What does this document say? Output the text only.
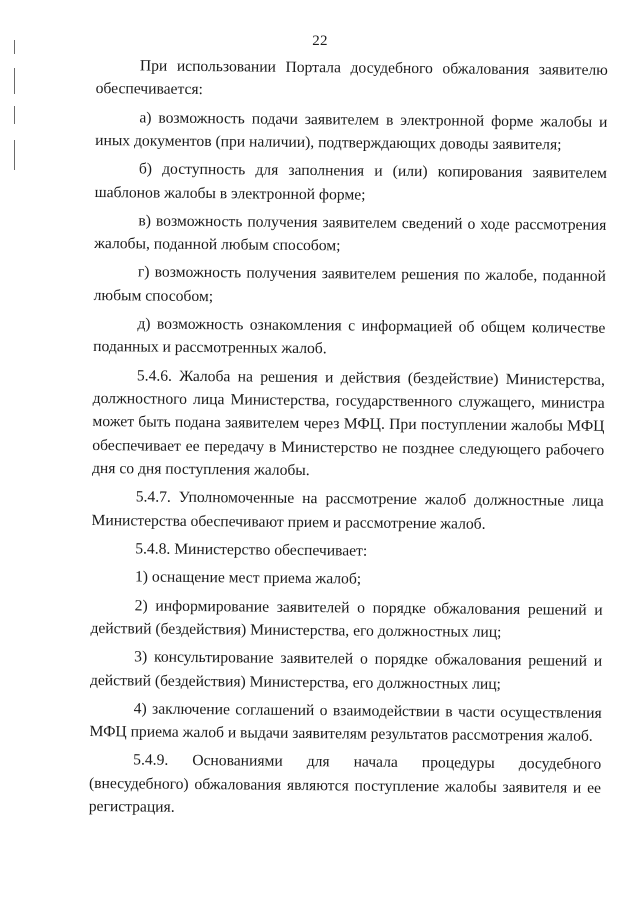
22

При использовании Портала досудебного обжалования заявителю обеспечивается:

а) возможность подачи заявителем в электронной форме жалобы и иных документов (при наличии), подтверждающих доводы заявителя;

б) доступность для заполнения и (или) копирования заявителем шаблонов жалобы в электронной форме;

в) возможность получения заявителем сведений о ходе рассмотрения жалобы, поданной любым способом;

г) возможность получения заявителем решения по жалобе, поданной любым способом;

д) возможность ознакомления с информацией об общем количестве поданных и рассмотренных жалоб.

5.4.6. Жалоба на решения и действия (бездействие) Министерства, должностного лица Министерства, государственного служащего, министра может быть подана заявителем через МФЦ. При поступлении жалобы МФЦ обеспечивает ее передачу в Министерство не позднее следующего рабочего дня со дня поступления жалобы.

5.4.7. Уполномоченные на рассмотрение жалоб должностные лица Министерства обеспечивают прием и рассмотрение жалоб.

5.4.8. Министерство обеспечивает:

1) оснащение мест приема жалоб;

2) информирование заявителей о порядке обжалования решений и действий (бездействия) Министерства, его должностных лиц;

3) консультирование заявителей о порядке обжалования решений и действий (бездействия) Министерства, его должностных лиц;

4) заключение соглашений о взаимодействии в части осуществления МФЦ приема жалоб и выдачи заявителям результатов рассмотрения жалоб.

5.4.9. Основаниями для начала процедуры досудебного (внесудебного) обжалования являются поступление жалобы заявителя и ее регистрация.
